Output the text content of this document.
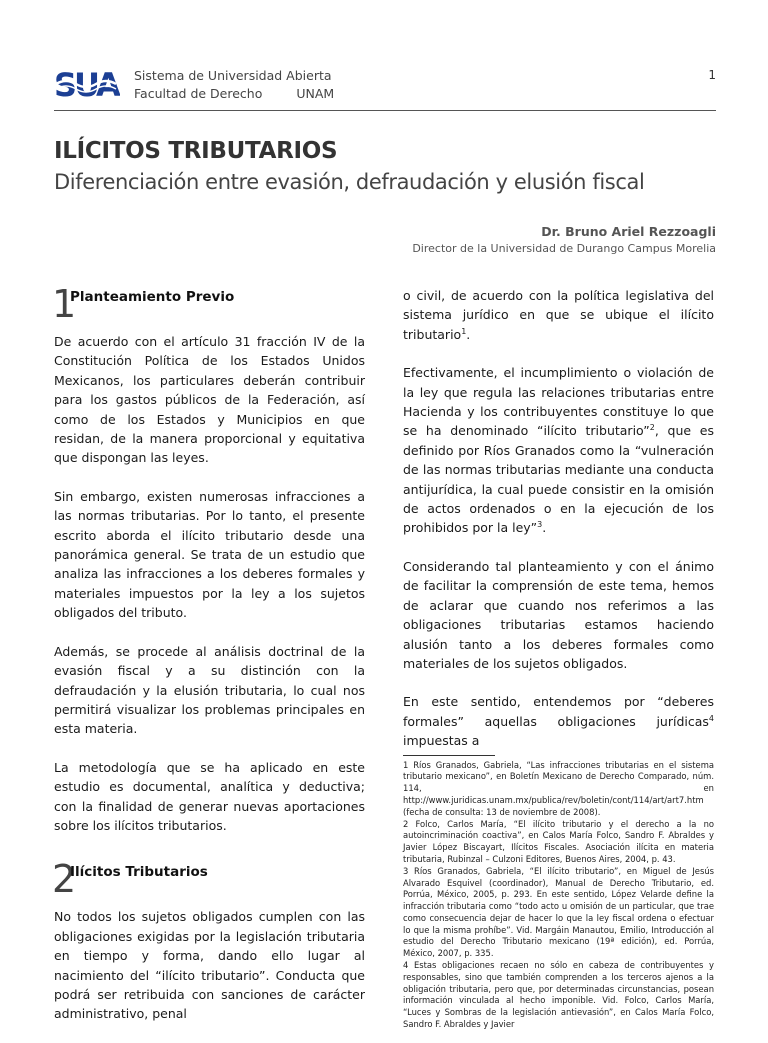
SUA Sistema de Universidad Abierta
Facultad de Derecho	UNAM
1
ILÍCITOS TRIBUTARIOS
Diferenciación entre evasión, defraudación y elusión fiscal
Dr. Bruno Ariel Rezzoagli
Director de la Universidad de Durango Campus Morelia
1
Planteamiento Previo

De acuerdo con el artículo 31 fracción IV de la Constitución Política de los Estados Unidos Mexicanos, los particulares deberán contribuir para los gastos públicos de la Federación, así como de los Estados y Municipios en que residan, de la manera proporcional y equitativa que dispongan las leyes.

Sin embargo, existen numerosas infracciones a las normas tributarias. Por lo tanto, el presente escrito aborda el ilícito tributario desde una panorámica general. Se trata de un estudio que analiza las infracciones a los deberes formales y materiales impuestos por la ley a los sujetos obligados del tributo.

Además, se procede al análisis doctrinal de la evasión fiscal y a su distinción con la defraudación y la elusión tributaria, lo cual nos permitirá visualizar los problemas principales en esta materia.

La metodología que se ha aplicado en este estudio es documental, analítica y deductiva; con la finalidad de generar nuevas aportaciones sobre los ilícitos tributarios.

2
Ilícitos Tributarios

No todos los sujetos obligados cumplen con las obligaciones exigidas por la legislación tributaria en tiempo y forma, dando ello lugar al nacimiento del “ilícito tributario”. Conducta que podrá ser retribuida con sanciones de carácter administrativo, penal

o civil, de acuerdo con la política legislativa del sistema jurídico en que se ubique el ilícito tributario$^1$.

Efectivamente, el incumplimiento o violación de la ley que regula las relaciones tributarias entre Hacienda y los contribuyentes constituye lo que se ha denominado “ilícito tributario”$^2$, que es definido por Ríos Granados como la “vulneración de las normas tributarias mediante una conducta antijurídica, la cual puede consistir en la omisión de actos ordenados o en la ejecución de los prohibidos por la ley”$^3$.

Considerando tal planteamiento y con el ánimo de facilitar la comprensión de este tema, hemos de aclarar que cuando nos referimos a las obligaciones tributarias estamos haciendo alusión tanto a los deberes formales como materiales de los sujetos obligados.

En este sentido, entendemos por “deberes formales” aquellas obligaciones jurídicas$^4$ impuestas a

1 Ríos Granados, Gabriela, “Las infracciones tributarias en el sistema tributario mexicano”, en Boletín Mexicano de Derecho Comparado, núm. 114, en http://www.juridicas.unam.mx/publica/rev/boletin/cont/114/art/art7.htm (fecha de consulta: 13 de noviembre de 2008).
2 Folco, Carlos María, “El ilícito tributario y el derecho a la no autoincriminación coactiva”, en Calos María Folco, Sandro F. Abraldes y Javier López Biscayart, Ilícitos Fiscales. Asociación ilícita en materia tributaria, Rubinzal – Culzoni Editores, Buenos Aires, 2004, p. 43.
3 Ríos Granados, Gabriela, “El ilícito tributario”, en Miguel de Jesús Alvarado Esquivel (coordinador), Manual de Derecho Tributario, ed. Porrúa, México, 2005, p. 293. En este sentido, López Velarde define la infracción tributaria como “todo acto u omisión de un particular, que trae como consecuencia dejar de hacer lo que la ley fiscal ordena o efectuar lo que la misma prohíbe”. Vid. Margáin Manautou, Emilio, Introducción al estudio del Derecho Tributario mexicano (19ª edición), ed. Porrúa, México, 2007, p. 335.
4 Estas obligaciones recaen no sólo en cabeza de contribuyentes y responsables, sino que también comprenden a los terceros ajenos a la obligación tributaria, pero que, por determinadas circunstancias, posean información vinculada al hecho imponible. Vid. Folco, Carlos María, “Luces y Sombras de la legislación antievasión”, en Calos María Folco, Sandro F. Abraldes y Javier
